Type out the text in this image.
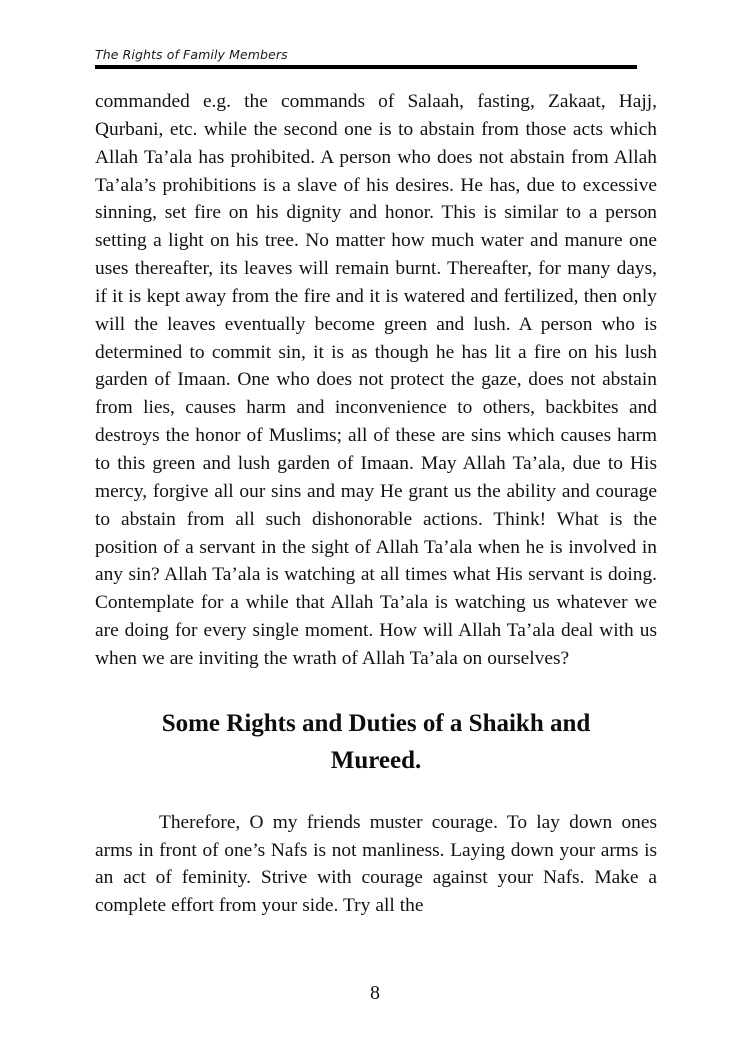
The Rights of Family Members

commanded e.g. the commands of Salaah, fasting, Zakaat, Hajj, Qurbani, etc. while the second one is to abstain from those acts which Allah Ta’ala has prohibited. A person who does not abstain from Allah Ta’ala’s prohibitions is a slave of his desires. He has, due to excessive sinning, set fire on his dignity and honor. This is similar to a person setting a light on his tree. No matter how much water and manure one uses thereafter, its leaves will remain burnt. Thereafter, for many days, if it is kept away from the fire and it is watered and fertilized, then only will the leaves eventually become green and lush. A person who is determined to commit sin, it is as though he has lit a fire on his lush garden of Imaan. One who does not protect the gaze, does not abstain from lies, causes harm and inconvenience to others, backbites and destroys the honor of Muslims; all of these are sins which causes harm to this green and lush garden of Imaan. May Allah Ta’ala, due to His mercy, forgive all our sins and may He grant us the ability and courage to abstain from all such dishonorable actions. Think! What is the position of a servant in the sight of Allah Ta’ala when he is involved in any sin? Allah Ta’ala is watching at all times what His servant is doing. Contemplate for a while that Allah Ta’ala is watching us whatever we are doing for every single moment. How will Allah Ta’ala deal with us when we are inviting the wrath of Allah Ta’ala on ourselves?

Some Rights and Duties of a Shaikh and Mureed.

Therefore, O my friends muster courage. To lay down ones arms in front of one’s Nafs is not manliness. Laying down your arms is an act of feminity. Strive with courage against your Nafs. Make a complete effort from your side. Try all the

8
